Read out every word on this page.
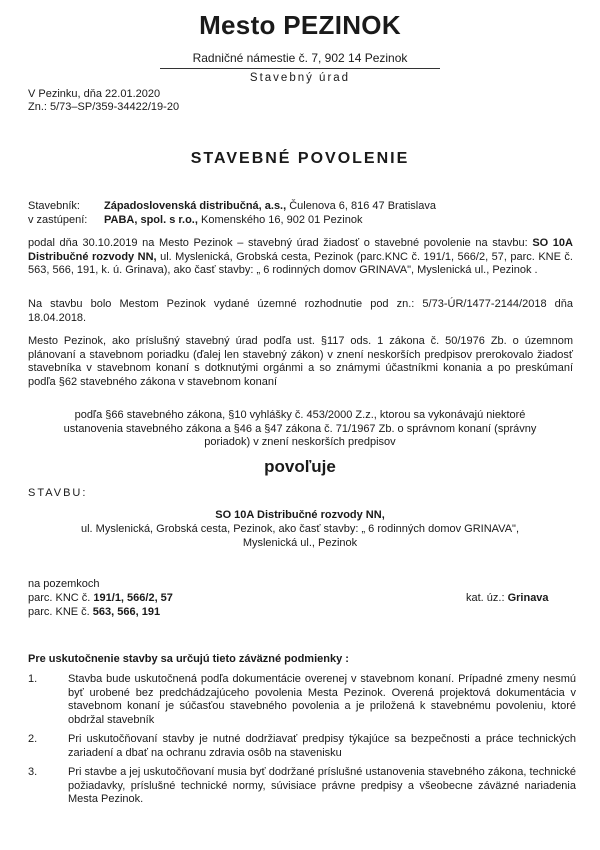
Mesto PEZINOK
Radničné námestie č. 7, 902 14 Pezinok
Stavebný úrad
V Pezinku, dňa 22.01.2020
Zn.: 5/73–SP/359-34422/19-20
STAVEBNÉ POVOLENIE
Stavebník: Západoslovenská distribučná, a.s., Čulenova 6, 816 47 Bratislava
v zastúpení: PABA, spol. s r.o., Komenského 16, 902 01 Pezinok
podal dňa 30.10.2019 na Mesto Pezinok – stavebný úrad žiadosť o stavebné povolenie na stavbu: SO 10A Distribučné rozvody NN, ul. Myslenická, Grobská cesta, Pezinok (parc.KNC č. 191/1, 566/2, 57, parc. KNE č. 563, 566, 191, k. ú. Grinava), ako časť stavby: „ 6 rodinných domov GRINAVA", Myslenická ul., Pezinok .
Na stavbu bolo Mestom Pezinok vydané územné rozhodnutie pod zn.: 5/73-ÚR/1477-2144/2018 dňa 18.04.2018.
Mesto Pezinok, ako príslušný stavebný úrad podľa ust. §117 ods. 1 zákona č. 50/1976 Zb. o územnom plánovaní a stavebnom poriadku (ďalej len stavebný zákon) v znení neskorších predpisov prerokovalo žiadosť stavebníka v stavebnom konaní s dotknutými orgánmi a so známymi účastníkmi konania a po preskúmaní podľa §62 stavebného zákona v stavebnom konaní
podľa §66 stavebného zákona, §10 vyhlášky č. 453/2000 Z.z., ktorou sa vykonávajú niektoré ustanovenia stavebného zákona a §46 a §47 zákona č. 71/1967 Zb. o správnom konaní (správny poriadok) v znení neskorších predpisov
povoľuje
STAVBU:
SO 10A Distribučné rozvody NN,
ul. Myslenická, Grobská cesta, Pezinok, ako časť stavby: „ 6 rodinných domov GRINAVA",
Myslenická ul., Pezinok
na pozemkoch
parc. KNC č. 191/1, 566/2, 57
parc. KNE č. 563, 566, 191
kat. úz.: Grinava
Pre uskutočnenie stavby sa určujú tieto záväzné podmienky :
1.	Stavba bude uskutočnená podľa dokumentácie overenej v stavebnom konaní. Prípadné zmeny nesmú byť urobené bez predchádzajúceho povolenia Mesta Pezinok. Overená projektová dokumentácia v stavebnom konaní je súčasťou stavebného povolenia a je priložená k stavebnému povoleniu, ktoré obdržal stavebník
2.	Pri uskutočňovaní stavby je nutné dodržiavať predpisy týkajúce sa bezpečnosti a práce technických zariadení a dbať na ochranu zdravia osôb na stavenisku
3.	Pri stavbe a jej uskutočňovaní musia byť dodržané príslušné ustanovenia stavebného zákona, technické požiadavky, príslušné technické normy, súvisiace právne predpisy a všeobecne záväzné nariadenia Mesta Pezinok.
